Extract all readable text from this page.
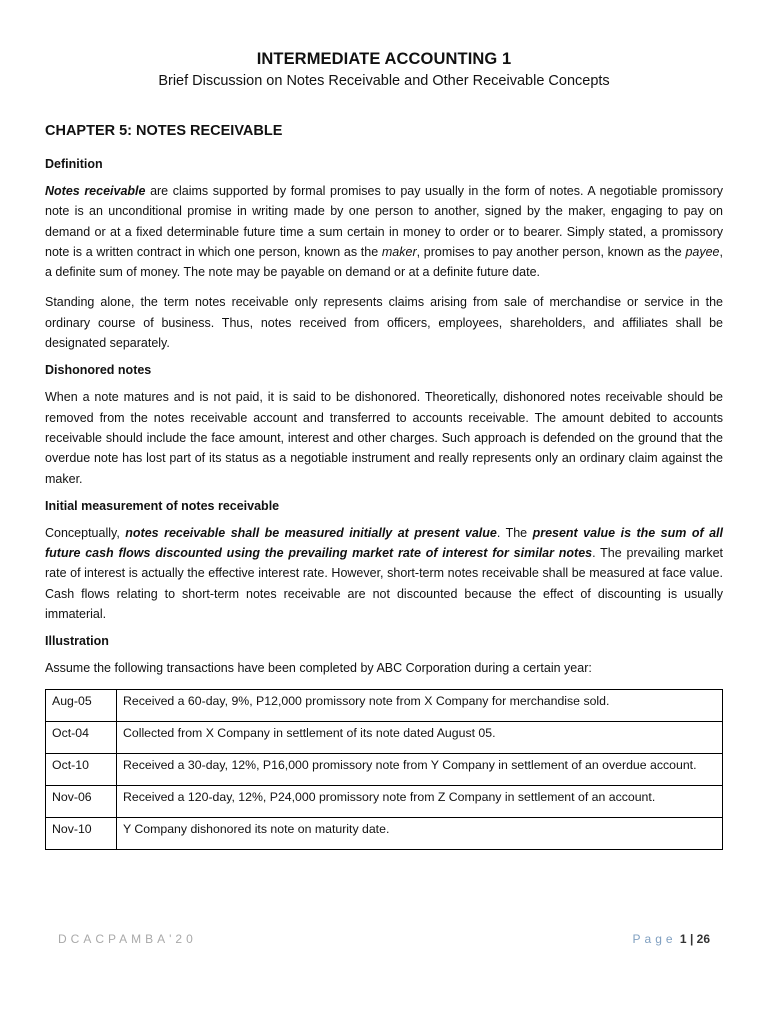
INTERMEDIATE ACCOUNTING 1
Brief Discussion on Notes Receivable and Other Receivable Concepts
CHAPTER 5: NOTES RECEIVABLE
Definition

Notes receivable are claims supported by formal promises to pay usually in the form of notes. A negotiable promissory note is an unconditional promise in writing made by one person to another, signed by the maker, engaging to pay on demand or at a fixed determinable future time a sum certain in money to order or to bearer. Simply stated, a promissory note is a written contract in which one person, known as the maker, promises to pay another person, known as the payee, a definite sum of money. The note may be payable on demand or at a definite future date.

Standing alone, the term notes receivable only represents claims arising from sale of merchandise or service in the ordinary course of business. Thus, notes received from officers, employees, shareholders, and affiliates shall be designated separately.

Dishonored notes

When a note matures and is not paid, it is said to be dishonored. Theoretically, dishonored notes receivable should be removed from the notes receivable account and transferred to accounts receivable. The amount debited to accounts receivable should include the face amount, interest and other charges. Such approach is defended on the ground that the overdue note has lost part of its status as a negotiable instrument and really represents only an ordinary claim against the maker.

Initial measurement of notes receivable

Conceptually, notes receivable shall be measured initially at present value. The present value is the sum of all future cash flows discounted using the prevailing market rate of interest for similar notes. The prevailing market rate of interest is actually the effective interest rate. However, short-term notes receivable shall be measured at face value. Cash flows relating to short-term notes receivable are not discounted because the effect of discounting is usually immaterial.

Illustration

Assume the following transactions have been completed by ABC Corporation during a certain year:

Aug-05	Received a 60-day, 9%, P12,000 promissory note from X Company for merchandise sold.
Oct-04	Collected from X Company in settlement of its note dated August 05.
Oct-10	Received a 30-day, 12%, P16,000 promissory note from Y Company in settlement of an overdue account.
Nov-06	Received a 120-day, 12%, P24,000 promissory note from Z Company in settlement of an account.
Nov-10	Y Company dishonored its note on maturity date.
DCACPAMBA'20	Page 1 | 26
